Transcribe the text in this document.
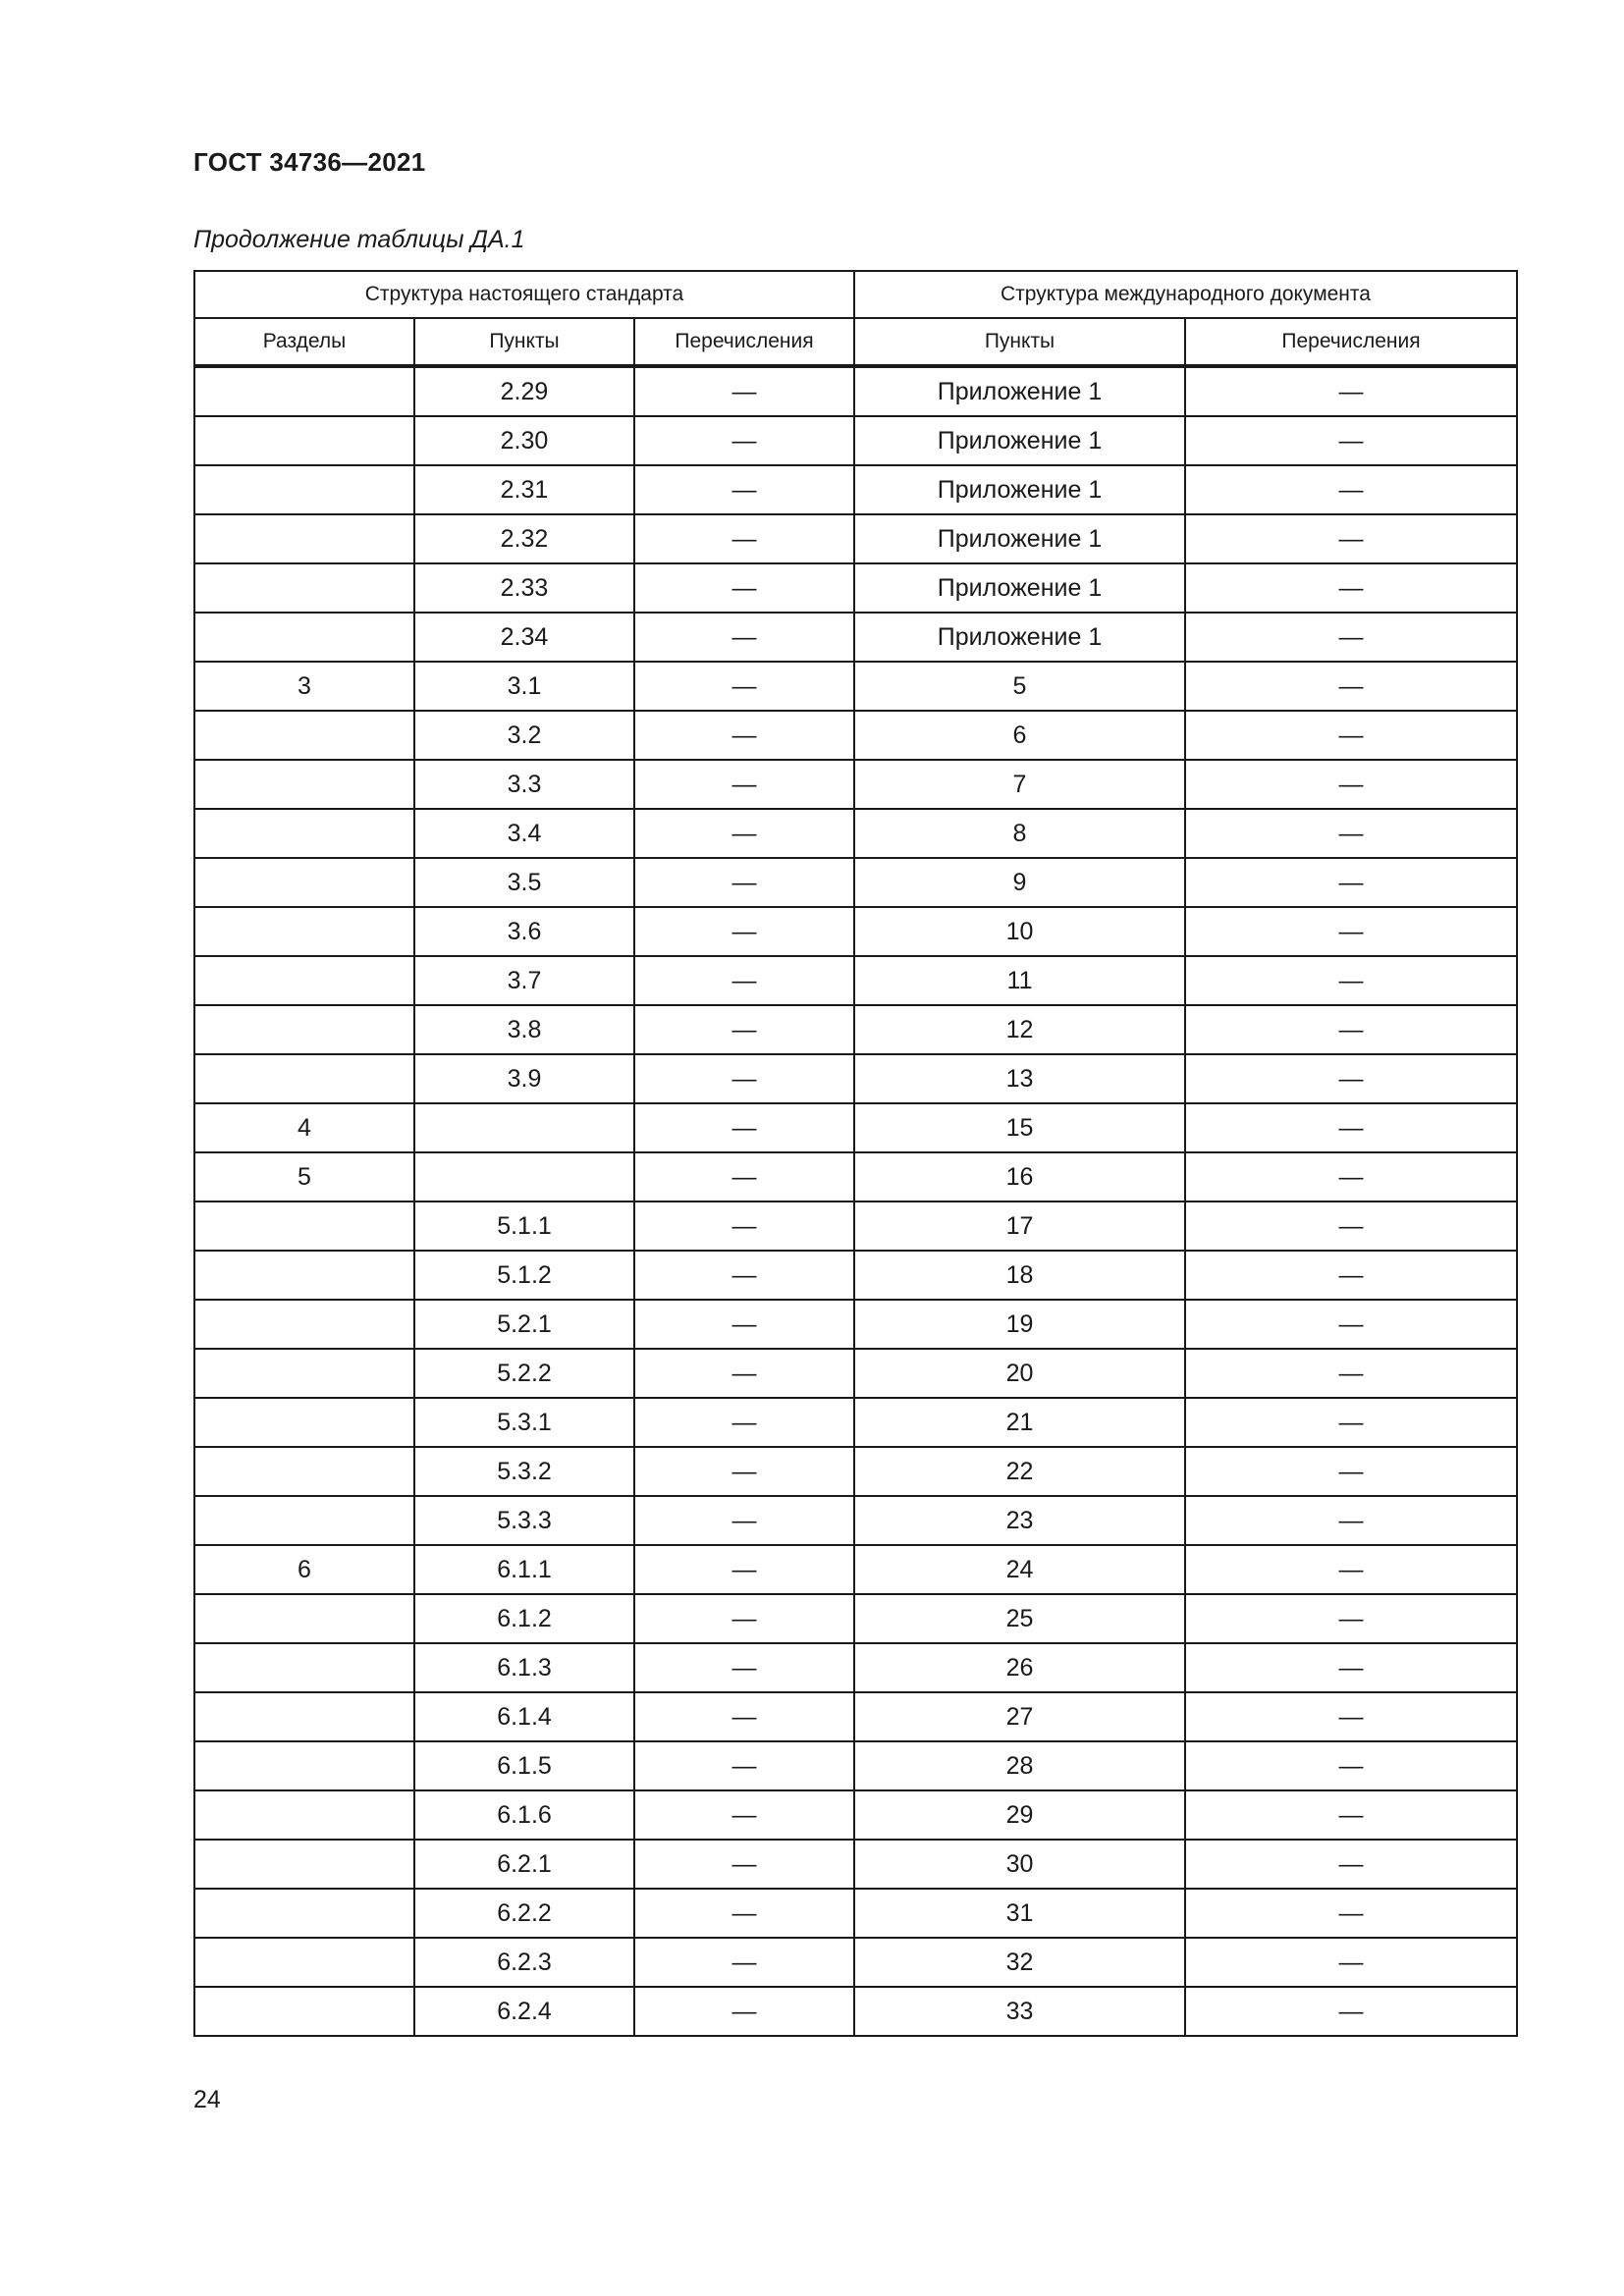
ГОСТ 34736—2021
Продолжение таблицы ДА.1
Структура настоящего стандарта			Структура международного документа	
Разделы	Пункты	Перечисления	Пункты	Перечисления
	2.29	—	Приложение 1	—
	2.30	—	Приложение 1	—
	2.31	—	Приложение 1	—
	2.32	—	Приложение 1	—
	2.33	—	Приложение 1	—
	2.34	—	Приложение 1	—
3	3.1	—	5	—
	3.2	—	6	—
	3.3	—	7	—
	3.4	—	8	—
	3.5	—	9	—
	3.6	—	10	—
	3.7	—	11	—
	3.8	—	12	—
	3.9	—	13	—
4		—	15	—
5		—	16	—
	5.1.1	—	17	—
	5.1.2	—	18	—
	5.2.1	—	19	—
	5.2.2	—	20	—
	5.3.1	—	21	—
	5.3.2	—	22	—
	5.3.3	—	23	—
6	6.1.1	—	24	—
	6.1.2	—	25	—
	6.1.3	—	26	—
	6.1.4	—	27	—
	6.1.5	—	28	—
	6.1.6	—	29	—
	6.2.1	—	30	—
	6.2.2	—	31	—
	6.2.3	—	32	—
	6.2.4	—	33	—
24
